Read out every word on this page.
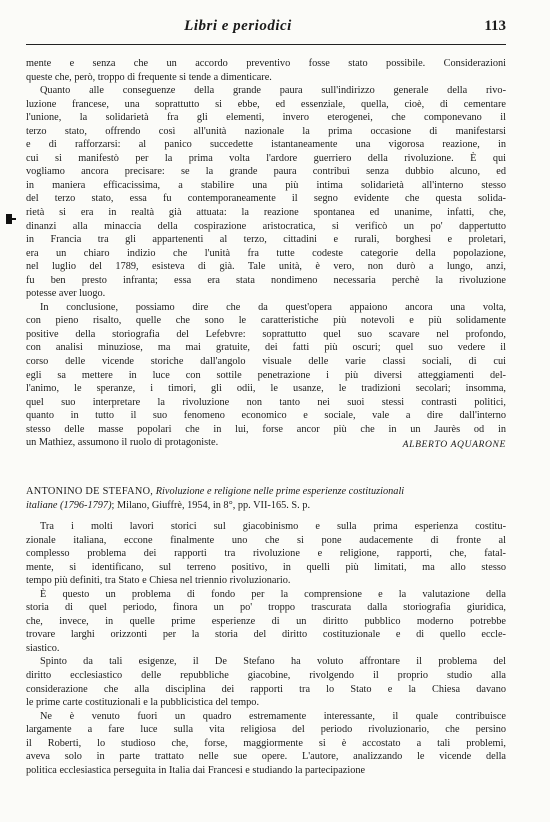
Libri e periodici	113
mente e senza che un accordo preventivo fosse stato possibile. Considerazioni
queste che, però, troppo di frequente si tende a dimenticare.
Quanto alle conseguenze della grande paura sull'indirizzo generale della rivo-
luzione francese, una soprattutto si ebbe, ed essenziale, quella, cioè, di cementare
l'unione, la solidarietà fra gli elementi, invero eterogenei, che componevano il
terzo stato, offrendo così all'unità nazionale la prima occasione di manifestarsi
e di rafforzarsi: al panico succedette istantaneamente una vigorosa reazione, in
cui si manifestò per la prima volta l'ardore guerriero della rivoluzione. È qui
vogliamo ancora precisare: se la grande paura contribuì senza dubbio alcuno, ed
in maniera efficacissima, a stabilire una più intima solidarietà all'interno stesso
del terzo stato, essa fu contemporaneamente il segno evidente che questa solida-
rietà si era in realtà già attuata: la reazione spontanea ed unanime, infatti, che,
dinanzi alla minaccia della cospirazione aristocratica, si verificò un po' dappertutto
in Francia tra gli appartenenti al terzo, cittadini e rurali, borghesi e proletari,
era un chiaro indizio che l'unità fra tutte codeste categorie della popolazione,
nel luglio del 1789, esisteva di già. Tale unità, è vero, non durò a lungo, anzi,
fu ben presto infranta; essa era stata nondimeno necessaria perchè la rivoluzione
potesse aver luogo.
In conclusione, possiamo dire che da quest'opera appaiono ancora una volta,
con pieno risalto, quelle che sono le caratteristiche più notevoli e più solidamente
positive della storiografia del Lefebvre: soprattutto quel suo scavare nel profondo,
con analisi minuziose, ma mai gratuite, dei fatti più oscuri; quel suo vedere il
corso delle vicende storiche dall'angolo visuale delle varie classi sociali, di cui
egli sa mettere in luce con sottile penetrazione i più diversi atteggiamenti del-
l'animo, le speranze, i timori, gli odii, le usanze, le tradizioni secolari; insomma,
quel suo interpretare la rivoluzione non tanto nei suoi stessi contrasti politici,
quanto in tutto il suo fenomeno economico e sociale, vale a dire dall'interno
stesso delle masse popolari che in lui, forse ancor più che in un Jaurès od in
un Mathiez, assumono il ruolo di protagoniste.	ALBERTO AQUARONE
ANTONINO DE STEFANO, Rivoluzione e religione nelle prime esperienze costituzionali
italiane (1796-1797); Milano, Giuffrè, 1954, in 8°, pp. VII-165. S. p.
Tra i molti lavori storici sul giacobinismo e sulla prima esperienza costitu-
zionale italiana, eccone finalmente uno che si pone audacemente di fronte al
complesso problema dei rapporti tra rivoluzione e religione, rapporti, che, fatal-
mente, si identificano, sul terreno positivo, in quelli più limitati, ma allo stesso
tempo più definiti, tra Stato e Chiesa nel triennio rivoluzionario.
È questo un problema di fondo per la comprensione e la valutazione della
storia di quel periodo, finora un po' troppo trascurata dalla storiografia giuridica,
che, invece, in quelle prime esperienze di un diritto pubblico moderno potrebbe
trovare larghi orizzonti per la storia del diritto costituzionale e di quello eccle-
siastico.
Spinto da tali esigenze, il De Stefano ha voluto affrontare il problema del
diritto ecclesiastico delle repubbliche giacobine, rivolgendo il proprio studio alla
considerazione che alla disciplina dei rapporti tra lo Stato e la Chiesa davano
le prime carte costituzionali e la pubblicistica del tempo.
Ne è venuto fuori un quadro estremamente interessante, il quale contribuisce
largamente a fare luce sulla vita religiosa del periodo rivoluzionario, che persino
il Roberti, lo studioso che, forse, maggiormente si è accostato a tali problemi,
aveva solo in parte trattato nelle sue opere. L'autore, analizzando le vicende della
politica ecclesiastica perseguita in Italia dai Francesi e studiando la partecipazione
